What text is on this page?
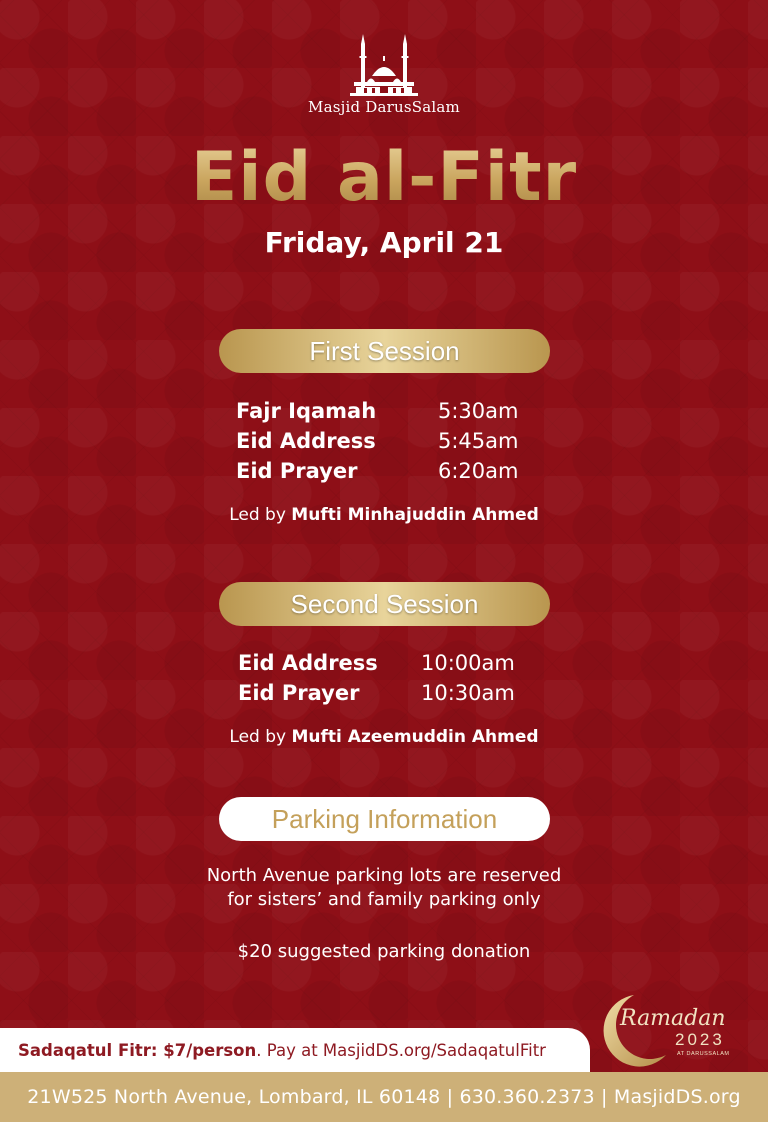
Masjid DarusSalam
Eid al-Fitr
Friday, April 21
First Session
Fajr Iqamah	5:30am
Eid Address	5:45am
Eid Prayer	6:20am
Led by Mufti Minhajuddin Ahmed
Second Session
Eid Address 10:00am
Eid Prayer	10:30am
Led by Mufti Azeemuddin Ahmed
Parking Information
North Avenue parking lots are reserved
for sisters’ and family parking only
$20 suggested parking donation
Ramadan
2023
AT DARUSSALAM
Sadaqatul Fitr: $7/person . Pay at MasjidDS.org/SadaqatulFitr
21W525 North Avenue, Lombard, IL 60148 | 630.360.2373 | MasjidDS.org
